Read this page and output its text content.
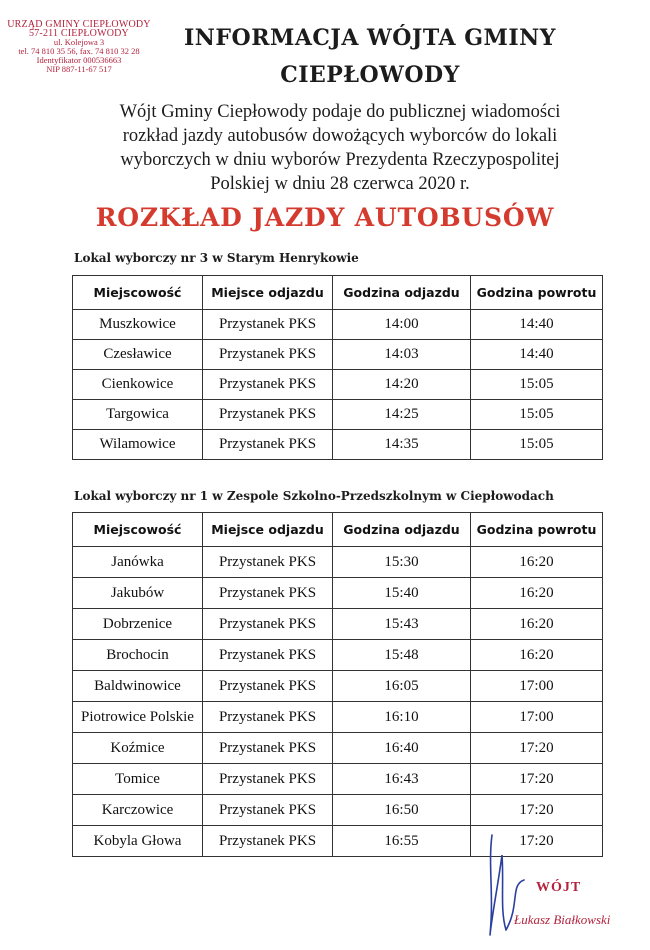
URZĄD GMINY CIEPŁOWODY
57-211 CIEPŁOWODY
ul. Kolejowa 3
tel. 74 810 35 56, fax. 74 810 32 28
Identyfikator 000536663
NIP 887-11-67 517
INFORMACJA WÓJTA GMINY
CIEPŁOWODY
Wójt Gminy Ciepłowody podaje do publicznej wiadomości
rozkład jazdy autobusów dowożących wyborców do lokali
wyborczych w dniu wyborów Prezydenta Rzeczypospolitej
Polskiej w dniu 28 czerwca 2020 r.
ROZKŁAD JAZDY AUTOBUSÓW
Lokal wyborczy nr 3 w Starym Henrykowie
Miejscowość	Miejsce odjazdu	Godzina odjazdu	Godzina powrotu
Muszkowice	Przystanek PKS	14:00	14:40
Czesławice	Przystanek PKS	14:03	14:40
Cienkowice	Przystanek PKS	14:20	15:05
Targowica	Przystanek PKS	14:25	15:05
Wilamowice	Przystanek PKS	14:35	15:05
Lokal wyborczy nr 1 w Zespole Szkolno-Przedszkolnym w Ciepłowodach
Miejscowość	Miejsce odjazdu	Godzina odjazdu	Godzina powrotu
Janówka	Przystanek PKS	15:30	16:20
Jakubów	Przystanek PKS	15:40	16:20
Dobrzenice	Przystanek PKS	15:43	16:20
Brochocin	Przystanek PKS	15:48	16:20
Baldwinowice	Przystanek PKS	16:05	17:00
Piotrowice Polskie	Przystanek PKS	16:10	17:00
Koźmice	Przystanek PKS	16:40	17:20
Tomice	Przystanek PKS	16:43	17:20
Karczowice	Przystanek PKS	16:50	17:20
Kobyla Głowa	Przystanek PKS	16:55	17:20
WÓJT
Łukasz Białkowski
